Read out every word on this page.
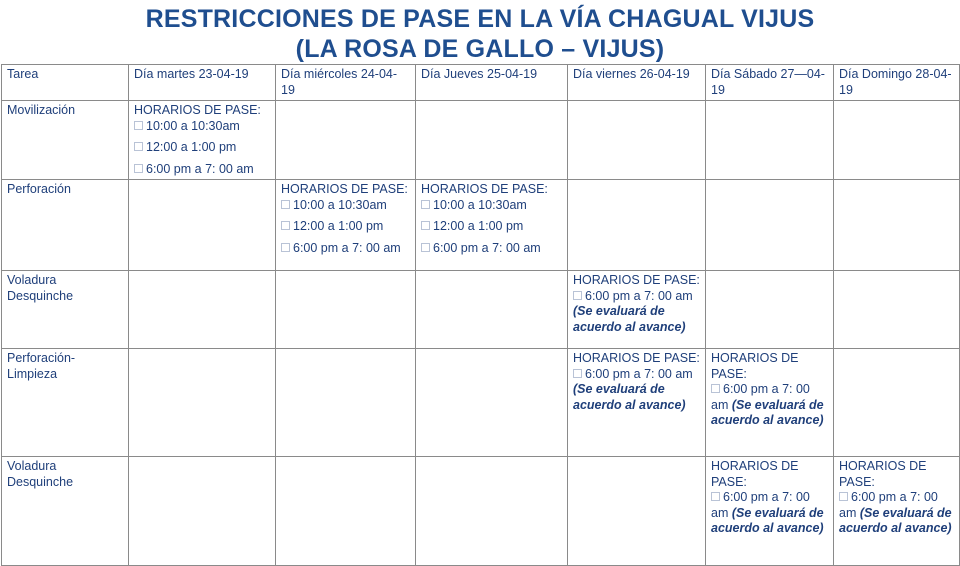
RESTRICCIONES DE PASE EN LA VÍA CHAGUAL VIJUS
(LA ROSA DE GALLO – VIJUS)
Tarea	Día martes 23-04-19	Día miércoles 24-04-19	Día Jueves 25-04-19	Día viernes 26-04-19	Día Sábado 27—04-19	Día Domingo 28-04-19
Movilización	HORARIOS DE PASE:
10:00 a 10:30am
12:00 a 1:00 pm
6:00 pm a 7: 00 am					

Perforación		HORARIOS DE PASE:
10:00 a 10:30am
12:00 a 1:00 pm
6:00 pm a 7: 00 am	HORARIOS DE PASE:
10:00 a 10:30am
12:00 a 1:00 pm
6:00 pm a 7: 00 am			

Voladura Desquinche				HORARIOS DE PASE:
6:00 pm a 7: 00 am (Se evaluará de acuerdo al avance)		
Perforación-Limpieza				HORARIOS DE PASE:
6:00 pm a 7: 00 am (Se evaluará de acuerdo al avance)	HORARIOS DE PASE:
6:00 pm a 7: 00 am (Se evaluará de acuerdo al avance)	
Voladura Desquinche					HORARIOS DE PASE:
6:00 pm a 7: 00 am (Se evaluará de acuerdo al avance)	HORARIOS DE PASE:
6:00 pm a 7: 00 am (Se evaluará de acuerdo al avance)
